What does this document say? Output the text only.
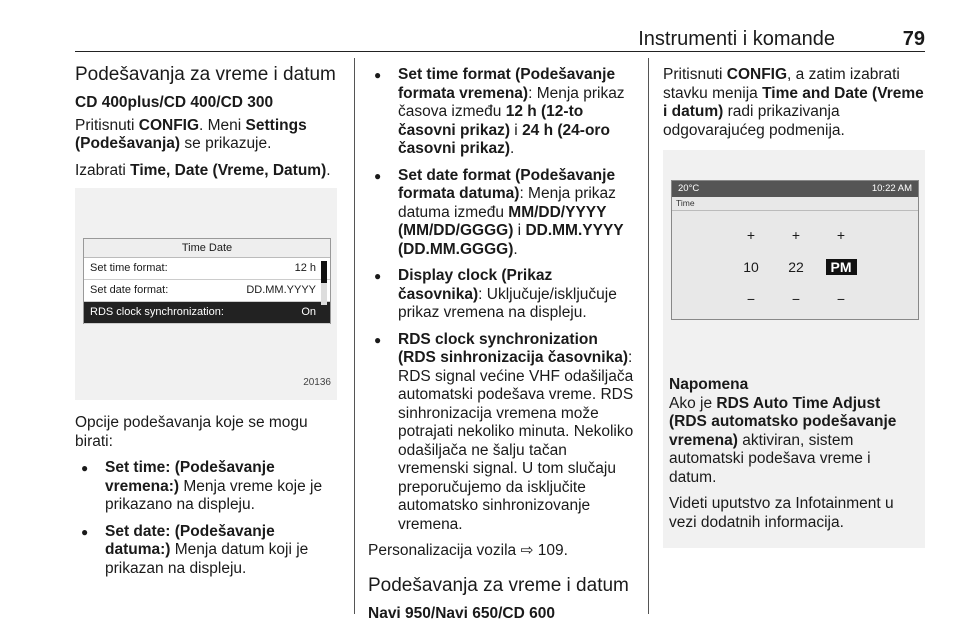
Instrumenti i komande	79
Podešavanja za vreme i datum
CD 400plus/CD 400/CD 300

Pritisnuti CONFIG. Meni Settings (Podešavanja) se prikazuje.

Izabrati Time, Date (Vreme, Datum).

Time Date
Set time format:	12 h
Set date format:	DD.MM.YYYY
RDS clock synchronization:	On
20136

Opcije podešavanja koje se mogu birati:

● Set time: (Podešavanje vremena:) Menja vreme koje je prikazano na displeju.
● Set date: (Podešavanje datuma:) Menja datum koji je prikazan na displeju.
● Set time format (Podešavanje formata vremena): Menja prikaz časova između 12 h (12-to časovni prikaz) i 24 h (24-oro časovni prikaz).
● Set date format (Podešavanje formata datuma): Menja prikaz datuma između MM/DD/YYYY (MM/DD/GGGG) i DD.MM.YYYY (DD.MM.GGGG).
● Display clock (Prikaz časovnika): Uključuje/isključuje prikaz vremena na displeju.
● RDS clock synchronization (RDS sinhronizacija časovnika): RDS signal većine VHF odašiljača automatski podešava vreme. RDS sinhronizacija vremena može potrajati nekoliko minuta. Nekoliko odašiljača ne šalju tačan vremenski signal. U tom slučaju preporučujemo da isključite automatsko sinhronizovanje vremena.

Personalizacija vozila ⇨ 109.

Podešavanja za vreme i datum
Navi 950/Navi 650/CD 600

Pritisnuti CONFIG, a zatim izabrati stavku menija Time and Date (Vreme i datum) radi prikazivanja odgovarajućeg podmenija.

20°C	10:22 AM
Time
+	+	+
10	22	PM
−	−	−
Napomena

Ako je RDS Auto Time Adjust (RDS automatsko podešavanje vremena) aktiviran, sistem automatski podešava vreme i datum.

Videti uputstvo za Infotainment u vezi dodatnih informacija.
